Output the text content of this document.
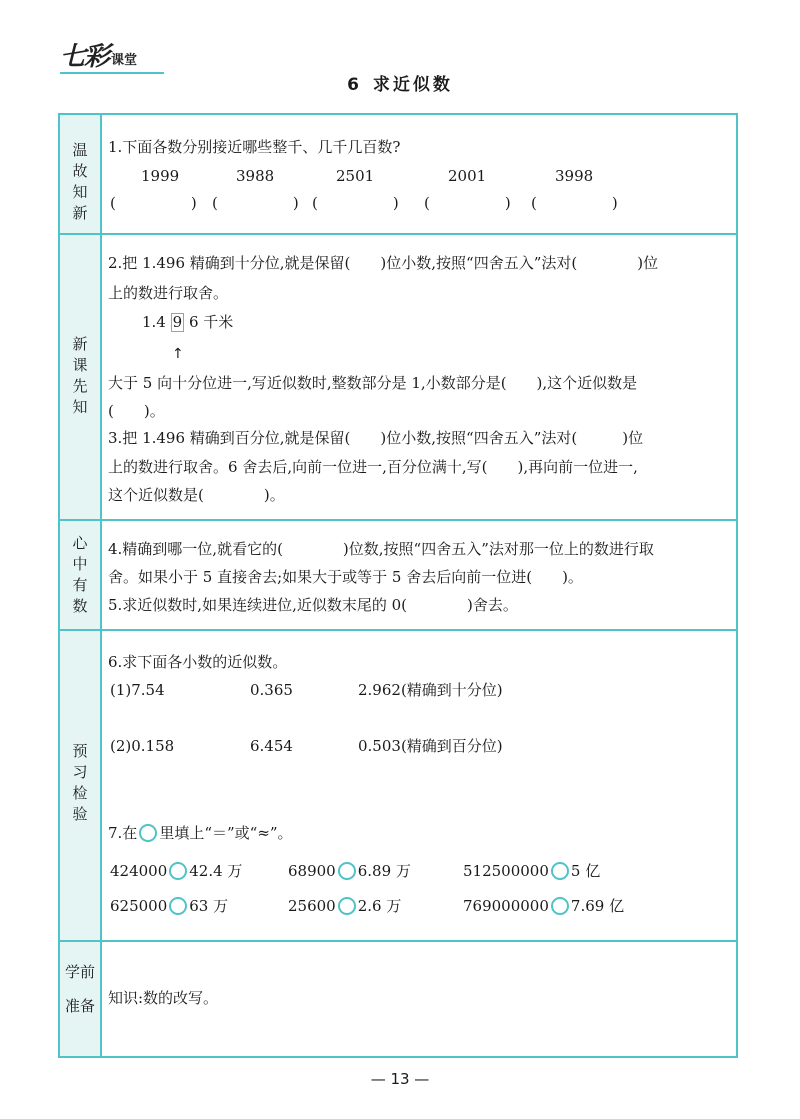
七彩 课堂
6 求近似数
温
故
知
新
新
课
先
知
心
中
有
数
预
习
检
验
学前
准备
1.下面各数分别接近哪些整千、几千几百数?
1999	3988	2501	2001	3998
(　　　　　) (　　　　　) (　　　　　) (　　　　　) (　　　　　)
2.把 1.496 精确到十分位,就是保留(　　)位小数,按照“四舍五入”法对(　　　　)位
上的数进行取舍。
1.4 9 6 千米
↑
大于 5 向十分位进一,写近似数时,整数部分是 1,小数部分是(　　),这个近似数是
(　　)。
3.把 1.496 精确到百分位,就是保留(　　)位小数,按照“四舍五入”法对(　　　)位
上的数进行取舍。6 舍去后,向前一位进一,百分位满十,写(　　),再向前一位进一,
这个近似数是(　　　　)。
4.精确到哪一位,就看它的(　　　　)位数,按照“四舍五入”法对那一位上的数进行取
舍。如果小于 5 直接舍去;如果大于或等于 5 舍去后向前一位进(　　)。
5.求近似数时,如果连续进位,近似数末尾的 0(　　　　)舍去。
6.求下面各小数的近似数。
(1)7.54	0.365	2.962(精确到十分位)
(2)0.158	6.454	0.503(精确到百分位)
7.在 里填上“＝”或“≈”。
424000 42.4 万	68900 6.89 万	512500000 5 亿
625000 63 万	25600 2.6 万	769000000 7.69 亿
知识:数的改写。
— 13 —
